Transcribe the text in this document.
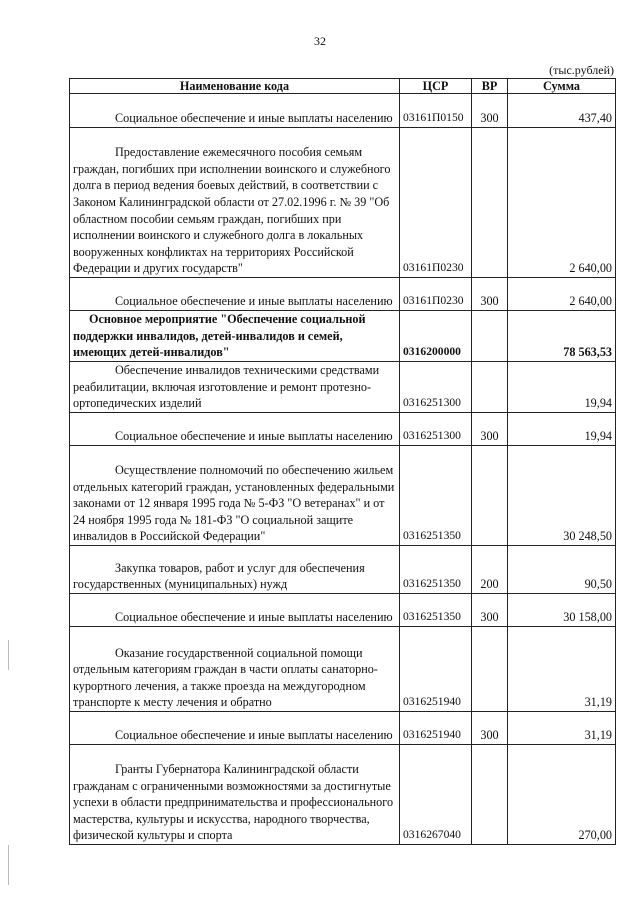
32
(тыс.рублей)
Наименование кода	ЦСР	ВР	Сумма
Социальное обеспечение и иные выплаты населению	03161П0150	300	437,40
Предоставление ежемесячного пособия семьям граждан, погибших при исполнении воинского и служебного долга в период ведения боевых действий, в соответствии с Законом Калининградской области от 27.02.1996 г. № 39 "Об областном пособии семьям граждан, погибших при исполнении воинского и служебного долга в локальных вооруженных конфликтах на территориях Российской Федерации и других государств"	03161П0230		2 640,00
Социальное обеспечение и иные выплаты населению	03161П0230	300	2 640,00
Основное мероприятие "Обеспечение социальной поддержки инвалидов, детей-инвалидов и семей, имеющих детей-инвалидов"	0316200000		78 563,53
Обеспечение инвалидов техническими средствами реабилитации, включая изготовление и ремонт протезно-ортопедических изделий	0316251300		19,94
Социальное обеспечение и иные выплаты населению	0316251300	300	19,94
Осуществление полномочий по обеспечению жильем отдельных категорий граждан, установленных федеральными законами от 12 января 1995 года № 5-ФЗ "О ветеранах" и от 24 ноября 1995 года № 181-ФЗ "О социальной защите инвалидов в Российской Федерации"	0316251350		30 248,50
Закупка товаров, работ и услуг для обеспечения государственных (муниципальных) нужд	0316251350	200	90,50
Социальное обеспечение и иные выплаты населению	0316251350	300	30 158,00
Оказание государственной социальной помощи отдельным категориям граждан в части оплаты санаторно-курортного лечения, а также проезда на междугородном транспорте к месту лечения и обратно	0316251940		31,19
Социальное обеспечение и иные выплаты населению	0316251940	300	31,19
Гранты Губернатора Калининградской области гражданам с ограниченными возможностями за достигнутые успехи в области предпринимательства и профессионального мастерства, культуры и искусства, народного творчества, физической культуры и спорта	0316267040		270,00
